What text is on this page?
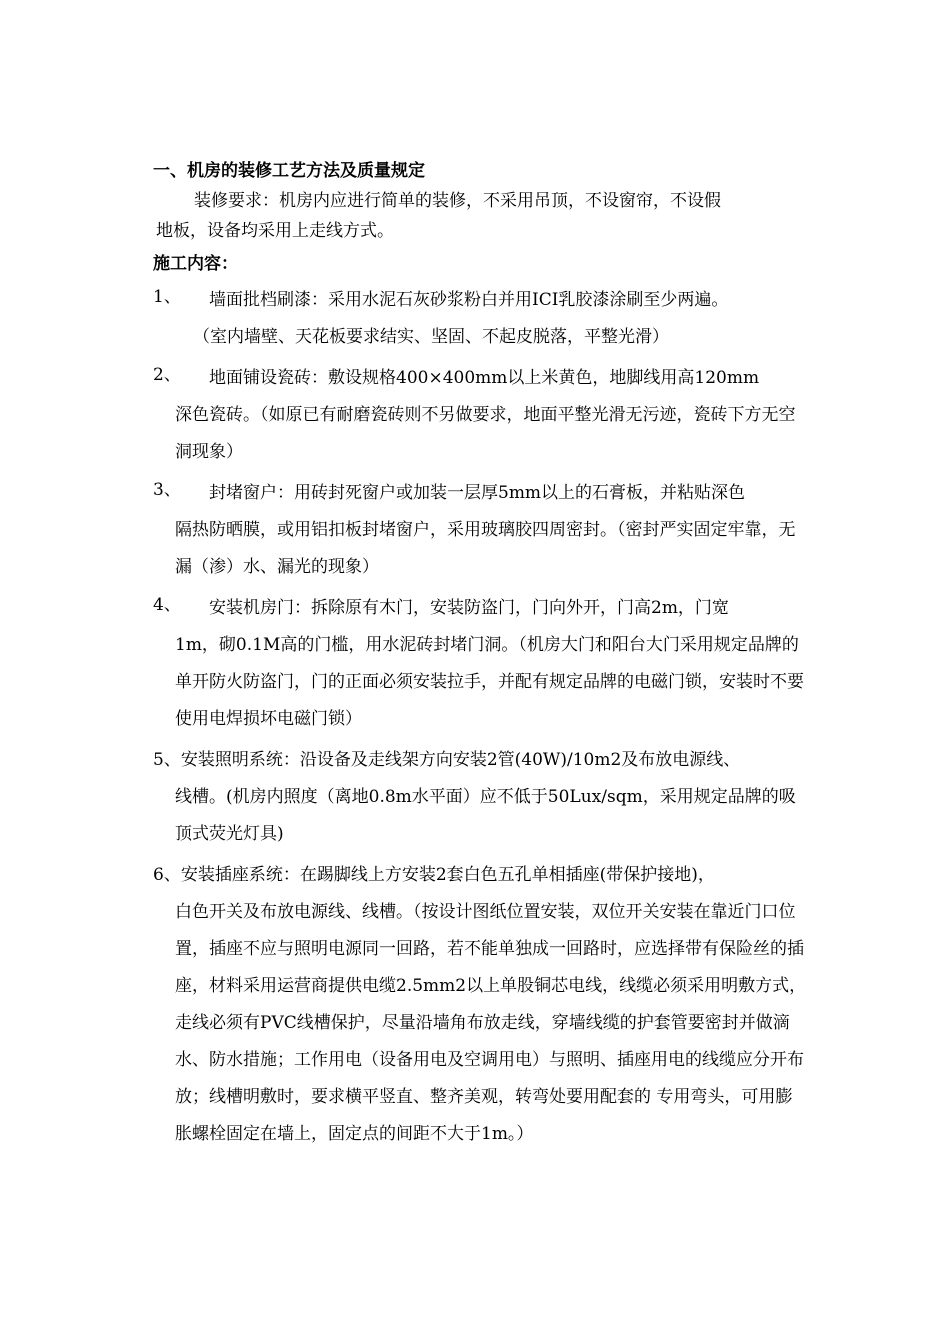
一、机房的装修工艺方法及质量规定
装修要求：机房内应进行简单的装修，不采用吊顶，不设窗帘，不设假
地板，设备均采用上走线方式。
施工内容：
1、	墙面批档刷漆：采用水泥石灰砂浆粉白并用ICI乳胶漆涂刷至少两遍。
（室内墙壁、天花板要求结实、坚固、不起皮脱落，平整光滑）
2、	地面铺设瓷砖：敷设规格400×400mm以上米黄色，地脚线用高120mm
深色瓷砖。（如原已有耐磨瓷砖则不另做要求，地面平整光滑无污迹，瓷砖下方无空洞现象）
3、	封堵窗户：用砖封死窗户或加装一层厚5mm以上的石膏板，并粘贴深色
隔热防晒膜，或用铝扣板封堵窗户，采用玻璃胶四周密封。（密封严实固定牢靠，无漏（渗）水、漏光的现象）
4、	安装机房门：拆除原有木门，安装防盗门，门向外开，门高2m，门宽
1m，砌0.1M高的门槛，用水泥砖封堵门洞。（机房大门和阳台大门采用规定品牌的单开防火防盗门，门的正面必须安装拉手，并配有规定品牌的电磁门锁，安装时不要使用电焊损坏电磁门锁）
5、安装照明系统：沿设备及走线架方向安装2管(40W)/10m2及布放电源线、
线槽。(机房内照度（离地0.8m水平面）应不低于50Lux/sqm，采用规定品牌的吸顶式荧光灯具)
6、安装插座系统：在踢脚线上方安装2套白色五孔单相插座(带保护接地)，
白色开关及布放电源线、线槽。（按设计图纸位置安装，双位开关安装在靠近门口位置，插座不应与照明电源同一回路，若不能单独成一回路时，应选择带有保险丝的插座，材料采用运营商提供电缆2.5mm2以上单股铜芯电线，线缆必须采用明敷方式，走线必须有PVC线槽保护，尽量沿墙角布放走线，穿墙线缆的护套管要密封并做滴水、防水措施；工作用电（设备用电及空调用电）与照明、插座用电的线缆应分开布放；线槽明敷时，要求横平竖直、整齐美观，转弯处要用配套的 专用弯头，可用膨胀螺栓固定在墙上，固定点的间距不大于1m。）
